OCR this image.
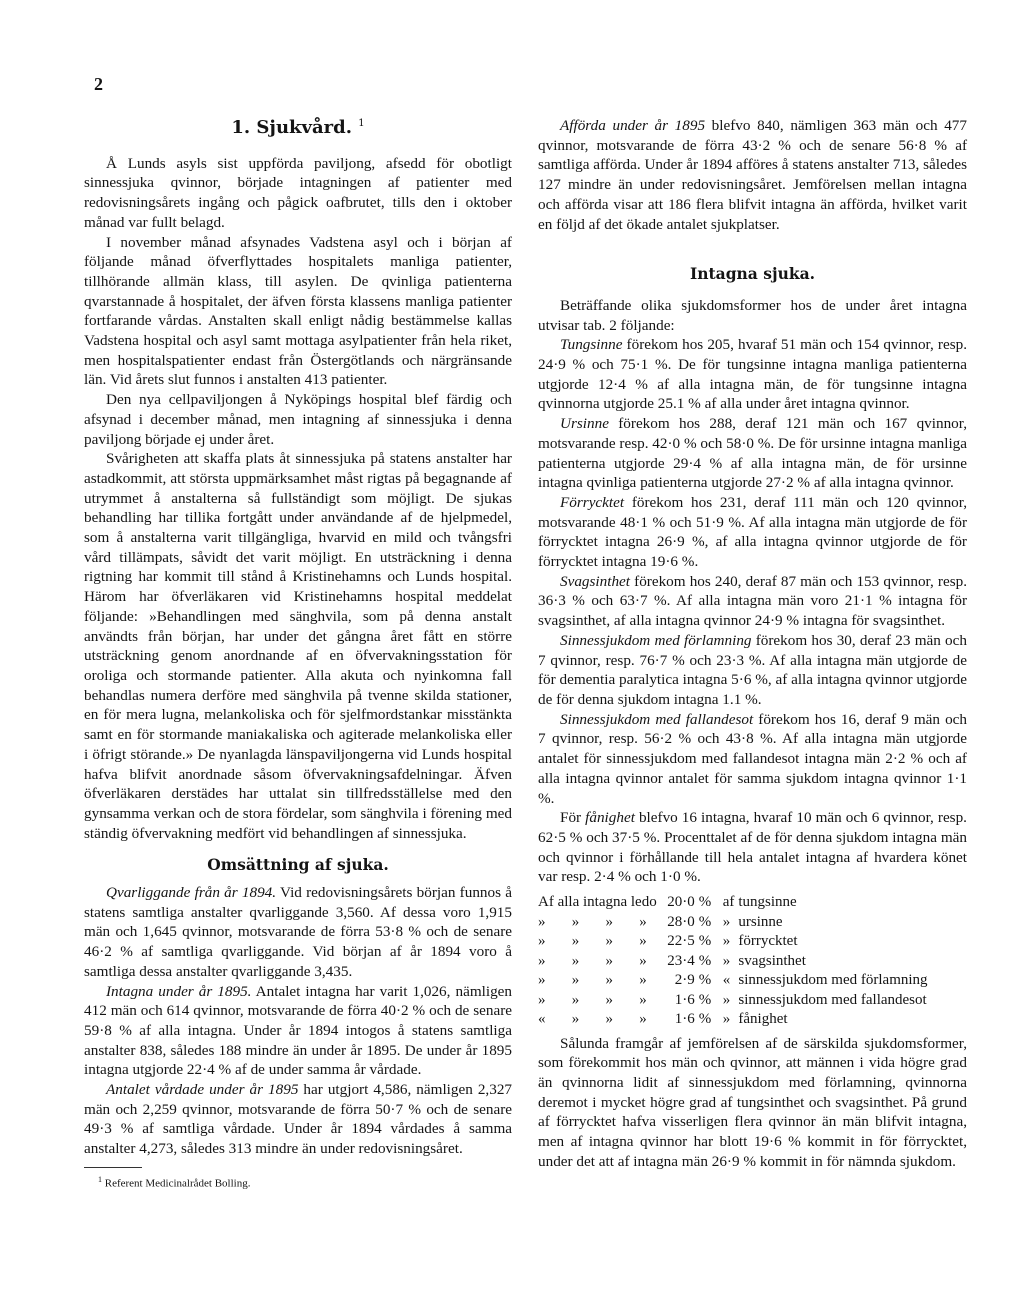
2
1. Sjukvård. $^1$

Å Lunds asyls sist uppförda paviljong, afsedd för obotligt sinnessjuka qvinnor, började intagningen af patienter med redovisningsårets ingång och pågick oafbrutet, tills den i oktober månad var fullt belagd.

I november månad afsynades Vadstena asyl och i början af följande månad öfverflyttades hospitalets manliga patienter, tillhörande allmän klass, till asylen. De qvinliga patienterna qvarstannade å hospitalet, der äfven första klassens manliga patienter fortfarande vårdas. Anstalten skall enligt nådig bestämmelse kallas Vadstena hospital och asyl samt mottaga asylpatienter från hela riket, men hospitalspatienter endast från Östergötlands och närgränsande län. Vid årets slut funnos i anstalten 413 patienter.

Den nya cellpaviljongen å Nyköpings hospital blef färdig och afsynad i december månad, men intagning af sinnessjuka i denna paviljong började ej under året.

Svårigheten att skaffa plats åt sinnessjuka på statens anstalter har astadkommit, att största uppmärksamhet måst rigtas på begagnande af utrymmet å anstalterna så fullständigt som möjligt. De sjukas behandling har tillika fortgått under användande af de hjelpmedel, som å anstalterna varit tillgängliga, hvarvid en mild och tvångsfri vård tillämpats, såvidt det varit möjligt. En utsträckning i denna rigtning har kommit till stånd å Kristinehamns och Lunds hospital. Härom har öfverläkaren vid Kristinehamns hospital meddelat följande: »Behandlingen med sänghvila, som på denna anstalt användts från början, har under det gångna året fått en större utsträckning genom anordnande af en öfvervakningsstation för oroliga och stormande patienter. Alla akuta och nyinkomna fall behandlas numera derföre med sänghvila på tvenne skilda stationer, en för mera lugna, melankoliska och för sjelfmordstankar misstänkta samt en för stormande maniakaliska och agiterade melankoliska eller i öfrigt störande.» De nyanlagda länspaviljongerna vid Lunds hospital hafva blifvit anordnade såsom öfvervakningsafdelningar. Äfven öfverläkaren derstädes har uttalat sin tillfredsställelse med den gynsamma verkan och de stora fördelar, som sänghvila i förening med ständig öfvervakning medfört vid behandlingen af sinnessjuka.

Omsättning af sjuka.

Qvarliggande från år 1894. Vid redovisningsårets början funnos å statens samtliga anstalter qvarliggande 3,560. Af dessa voro 1,915 män och 1,645 qvinnor, motsvarande de förra 53·8 % och de senare 46·2 % af samtliga qvarliggande. Vid början af år 1894 voro å samtliga dessa anstalter qvarliggande 3,435.

Intagna under år 1895. Antalet intagna har varit 1,026, nämligen 412 män och 614 qvinnor, motsvarande de förra 40·2 % och de senare 59·8 % af alla intagna. Under år 1894 intogos å statens samtliga anstalter 838, således 188 mindre än under år 1895. De under år 1895 intagna utgjorde 22·4 % af de under samma år vårdade.

Antalet vårdade under år 1895 har utgjort 4,586, nämligen 2,327 män och 2,259 qvinnor, motsvarande de förra 50·7 % och de senare 49·3 % af samtliga vårdade. Under år 1894 vårdades å samma anstalter 4,273, således 313 mindre än under redovisningsåret.

$^1$ Referent Medicinalrådet Bolling.

Afförda under år 1895 blefvo 840, nämligen 363 män och 477 qvinnor, motsvarande de förra 43·2 % och de senare 56·8 % af samtliga afförda. Under år 1894 afföres å statens anstalter 713, således 127 mindre än under redovisningsåret. Jemförelsen mellan intagna och afförda visar att 186 flera blifvit intagna än afförda, hvilket varit en följd af det ökade antalet sjukplatser.

Intagna sjuka.

Beträffande olika sjukdomsformer hos de under året intagna utvisar tab. 2 följande:

Tungsinne förekom hos 205, hvaraf 51 män och 154 qvinnor, resp. 24·9 % och 75·1 %. De för tungsinne intagna manliga patienterna utgjorde 12·4 % af alla intagna män, de för tungsinne intagna qvinnorna utgjorde 25.1 % af alla under året intagna qvinnor.

Ursinne förekom hos 288, deraf 121 män och 167 qvinnor, motsvarande resp. 42·0 % och 58·0 %. De för ursinne intagna manliga patienterna utgjorde 29·4 % af alla intagna män, de för ursinne intagna qvinliga patienterna utgjorde 27·2 % af alla intagna qvinnor.

Förrycktet förekom hos 231, deraf 111 män och 120 qvinnor, motsvarande 48·1 % och 51·9 %. Af alla intagna män utgjorde de för förrycktet intagna 26·9 %, af alla intagna qvinnor utgjorde de för förrycktet intagna 19·6 %.

Svagsinthet förekom hos 240, deraf 87 män och 153 qvinnor, resp. 36·3 % och 63·7 %. Af alla intagna män voro 21·1 % intagna för svagsinthet, af alla intagna qvinnor 24·9 % intagna för svagsinthet.

Sinnessjukdom med förlamning förekom hos 30, deraf 23 män och 7 qvinnor, resp. 76·7 % och 23·3 %. Af alla intagna män utgjorde de för dementia paralytica intagna 5·6 %, af alla intagna qvinnor utgjorde de för denna sjukdom intagna 1.1 %.

Sinnessjukdom med fallandesot förekom hos 16, deraf 9 män och 7 qvinnor, resp. 56·2 % och 43·8 %. Af alla intagna män utgjorde antalet för sinnessjukdom med fallandesot intagna män 2·2 % och af alla intagna qvinnor antalet för samma sjukdom intagna qvinnor 1·1 %.

För fånighet blefvo 16 intagna, hvaraf 10 män och 6 qvinnor, resp. 62·5 % och 37·5 %. Procenttalet af de för denna sjukdom intagna män och qvinnor i förhållande till hela antalet intagna af hvardera könet var resp. 2·4 % och 1·0 %.

Af alla intagna ledo	20·0	%	af	tungsinne
»       »       »       »	28·0	%	»	ursinne
»       »       »       »	22·5	%	»	förrycktet
»       »       »       »	23·4	%	»	svagsinthet
»       »       »       »	2·9	%	«	sinnessjukdom med förlamning
»       »       »       »	1·6	%	»	sinnessjukdom med fallandesot
«       »       »       »	1·6	%	»	fånighet

Sålunda framgår af jemförelsen af de särskilda sjukdomsformer, som förekommit hos män och qvinnor, att männen i vida högre grad än qvinnorna lidit af sinnessjukdom med förlamning, qvinnorna deremot i mycket högre grad af tungsinthet och svagsinthet. På grund af förrycktet hafva visserligen flera qvinnor än män blifvit intagna, men af intagna qvinnor har blott 19·6 % kommit in för förrycktet, under det att af intagna män 26·9 % kommit in för nämnda sjukdom.
